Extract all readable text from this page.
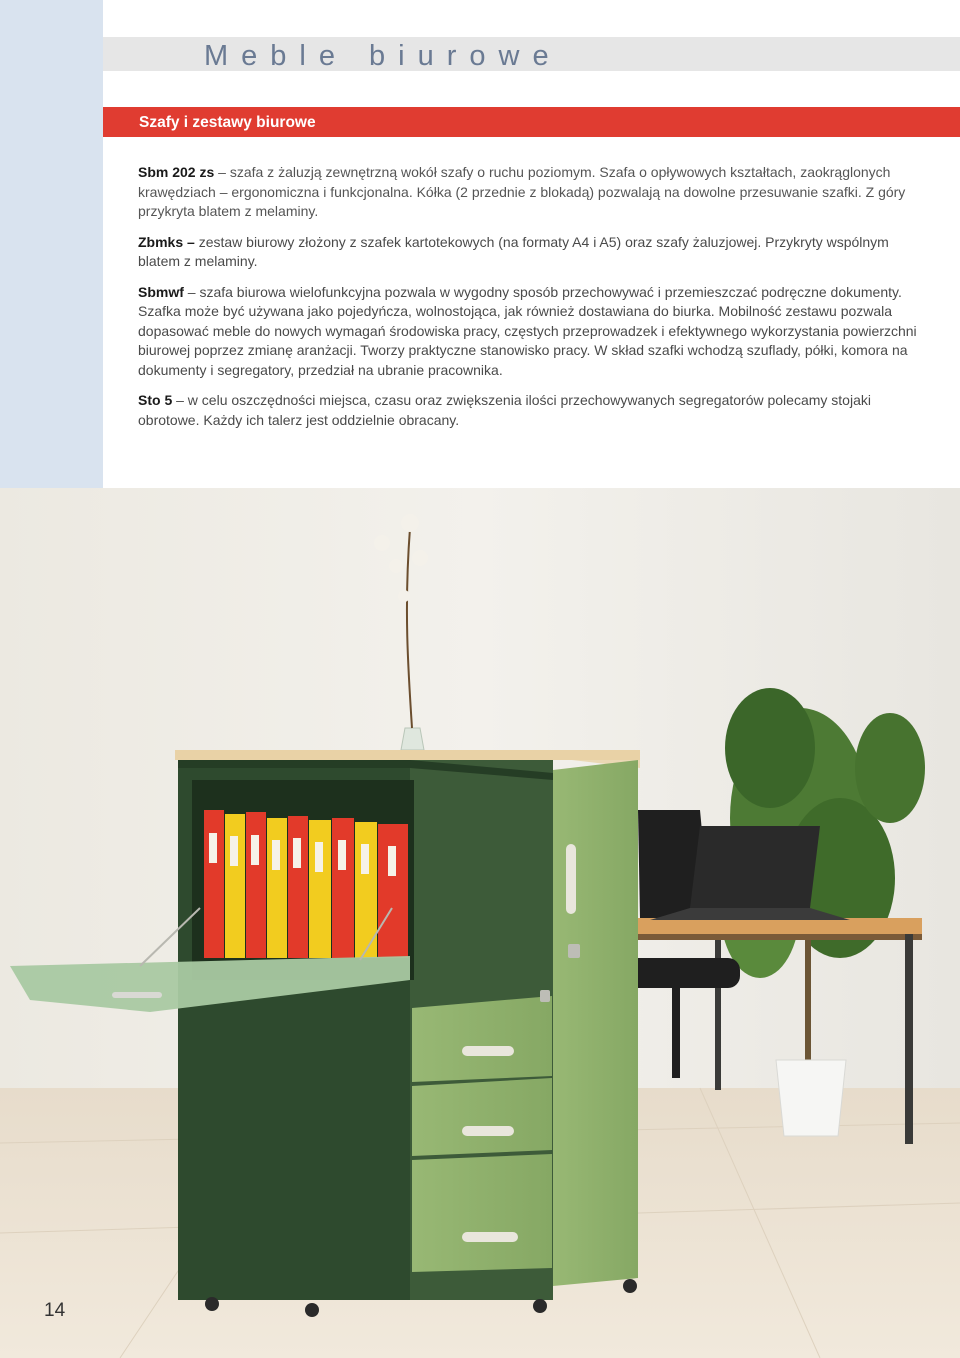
Meble biurowe
Szafy i zestawy biurowe

Sbm 202 zs – szafa z żaluzją zewnętrzną wokół szafy o ruchu poziomym. Szafa o opływowych kształtach, zaokrąglonych krawędziach – ergonomiczna i funkcjonalna. Kółka (2 przednie z blokadą) pozwalają na dowolne przesuwanie szafki. Z góry przykryta blatem z melaminy.

Zbmks – zestaw biurowy złożony z szafek kartotekowych (na formaty A4 i A5) oraz szafy żaluzjowej. Przykryty wspólnym blatem z melaminy.

Sbmwf – szafa biurowa wielofunkcyjna pozwala w wygodny sposób przechowywać i przemieszczać podręczne dokumenty. Szafka może być używana jako pojedyńcza, wolnostojąca, jak również dostawiana do biurka. Mobilność zestawu pozwala dopasować meble do nowych wymagań środowiska pracy, częstych przeprowadzek i efektywnego wykorzystania powierzchni biurowej poprzez zmianę aranżacji. Tworzy praktyczne stanowisko pracy. W skład szafki wchodzą szuflady, półki, komora na dokumenty i segregatory, przedział na ubranie pracownika.

Sto 5 – w celu oszczędności miejsca, czasu oraz zwiększenia ilości przechowywanych segregatorów polecamy stojaki obrotowe. Każdy ich talerz jest oddzielnie obracany.

14
